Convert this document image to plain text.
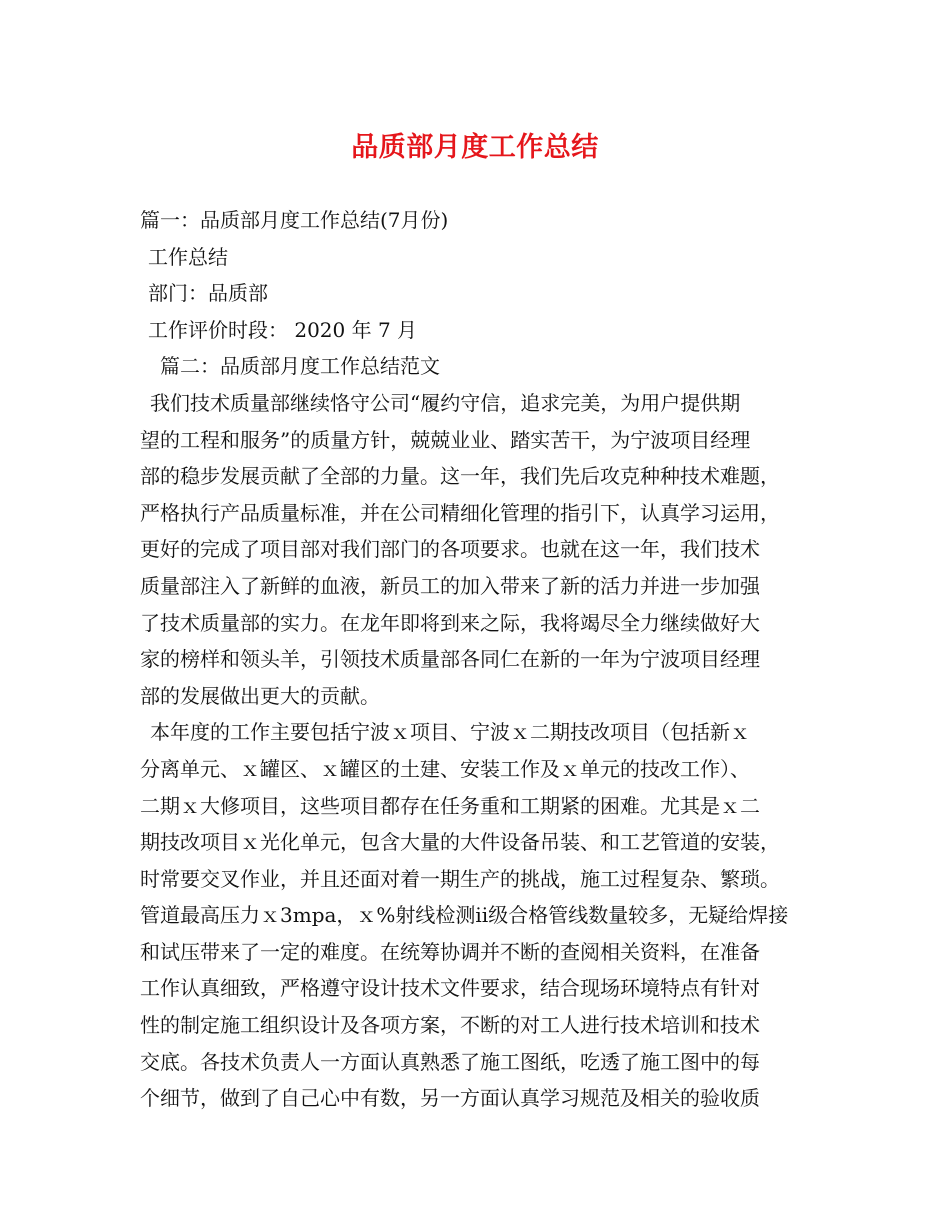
品质部月度工作总结
篇一：品质部月度工作总结(7月份)
工作总结
部门：品质部
工作评价时段： 2020 年 7 月
篇二：品质部月度工作总结范文
我们技术质量部继续恪守公司“履约守信，追求完美，为用户提供期
望的工程和服务”的质量方针，兢兢业业、踏实苦干，为宁波项目经理
部的稳步发展贡献了全部的力量。这一年，我们先后攻克种种技术难题，
严格执行产品质量标准，并在公司精细化管理的指引下，认真学习运用，
更好的完成了项目部对我们部门的各项要求。也就在这一年，我们技术
质量部注入了新鲜的血液，新员工的加入带来了新的活力并进一步加强
了技术质量部的实力。在龙年即将到来之际，我将竭尽全力继续做好大
家的榜样和领头羊，引领技术质量部各同仁在新的一年为宁波项目经理
部的发展做出更大的贡献。
本年度的工作主要包括宁波ｘ项目、宁波ｘ二期技改项目（包括新ｘ
分离单元、ｘ罐区、ｘ罐区的土建、安装工作及ｘ单元的技改工作）、
二期ｘ大修项目，这些项目都存在任务重和工期紧的困难。尤其是ｘ二
期技改项目ｘ光化单元，包含大量的大件设备吊装、和工艺管道的安装，
时常要交叉作业，并且还面对着一期生产的挑战，施工过程复杂、繁琐。
管道最高压力ｘ3mpa，ｘ%射线检测ⅱ级合格管线数量较多，无疑给焊接
和试压带来了一定的难度。在统筹协调并不断的查阅相关资料，在准备
工作认真细致，严格遵守设计技术文件要求，结合现场环境特点有针对
性的制定施工组织设计及各项方案，不断的对工人进行技术培训和技术
交底。各技术负责人一方面认真熟悉了施工图纸，吃透了施工图中的每
个细节，做到了自己心中有数，另一方面认真学习规范及相关的验收质
